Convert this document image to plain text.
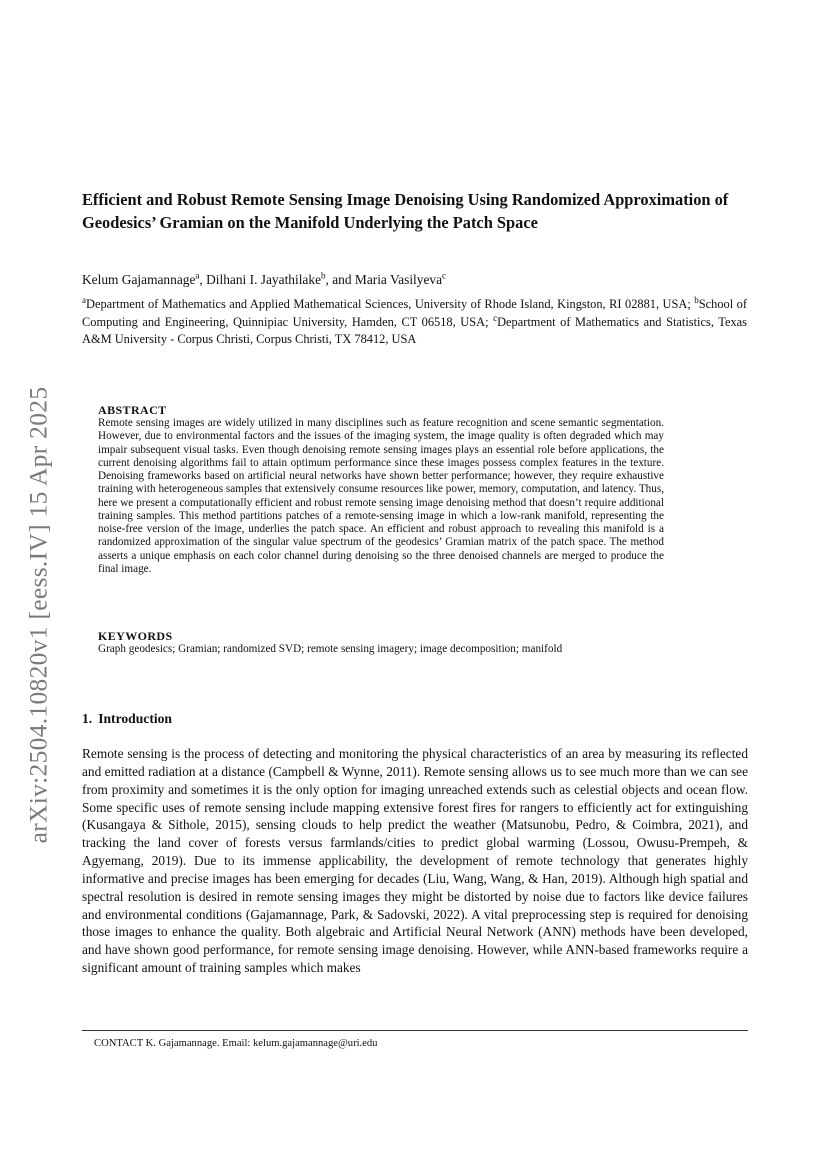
arXiv:2504.10820v1 [eess.IV] 15 Apr 2025
Efficient and Robust Remote Sensing Image Denoising Using Randomized Approximation of Geodesics’ Gramian on the Manifold Underlying the Patch Space
Kelum Gajamannage$^a$, Dilhani I. Jayathilake$^b$, and Maria Vasilyeva$^c$
$^a$Department of Mathematics and Applied Mathematical Sciences, University of Rhode Island, Kingston, RI 02881, USA; $^b$School of Computing and Engineering, Quinnipiac University, Hamden, CT 06518, USA; $^c$Department of Mathematics and Statistics, Texas A&M University - Corpus Christi, Corpus Christi, TX 78412, USA

ABSTRACT

Remote sensing images are widely utilized in many disciplines such as feature recognition and scene semantic segmentation. However, due to environmental factors and the issues of the imaging system, the image quality is often degraded which may impair subsequent visual tasks. Even though denoising remote sensing images plays an essential role before applications, the current denoising algorithms fail to attain optimum performance since these images possess complex features in the texture. Denoising frameworks based on artificial neural networks have shown better performance; however, they require exhaustive training with heterogeneous samples that extensively consume resources like power, memory, computation, and latency. Thus, here we present a computationally efficient and robust remote sensing image denoising method that doesn’t require additional training samples. This method partitions patches of a remote-sensing image in which a low-rank manifold, representing the noise-free version of the image, underlies the patch space. An efficient and robust approach to revealing this manifold is a randomized approximation of the singular value spectrum of the geodesics’ Gramian matrix of the patch space. The method asserts a unique emphasis on each color channel during denoising so the three denoised channels are merged to produce the final image.

KEYWORDS

Graph geodesics; Gramian; randomized SVD; remote sensing imagery; image decomposition; manifold

1. Introduction

Remote sensing is the process of detecting and monitoring the physical characteristics of an area by measuring its reflected and emitted radiation at a distance (Campbell & Wynne, 2011). Remote sensing allows us to see much more than we can see from proximity and sometimes it is the only option for imaging unreached extends such as celestial objects and ocean flow. Some specific uses of remote sensing include mapping extensive forest fires for rangers to efficiently act for extinguishing (Kusangaya & Sithole, 2015), sensing clouds to help predict the weather (Matsunobu, Pedro, & Coimbra, 2021), and tracking the land cover of forests versus farmlands/cities to predict global warming (Lossou, Owusu-Prempeh, & Agyemang, 2019). Due to its immense applicability, the development of remote technology that generates highly informative and precise images has been emerging for decades (Liu, Wang, Wang, & Han, 2019). Although high spatial and spectral resolution is desired in remote sensing images they might be distorted by noise due to factors like device failures and environmental conditions (Gajamannage, Park, & Sadovski, 2022). A vital preprocessing step is required for denoising those images to enhance the quality. Both algebraic and Artificial Neural Network (ANN) methods have been developed, and have shown good performance, for remote sensing image denoising. However, while ANN-based frameworks require a significant amount of training samples which makes

CONTACT K. Gajamannage. Email: kelum.gajamannage@uri.edu
